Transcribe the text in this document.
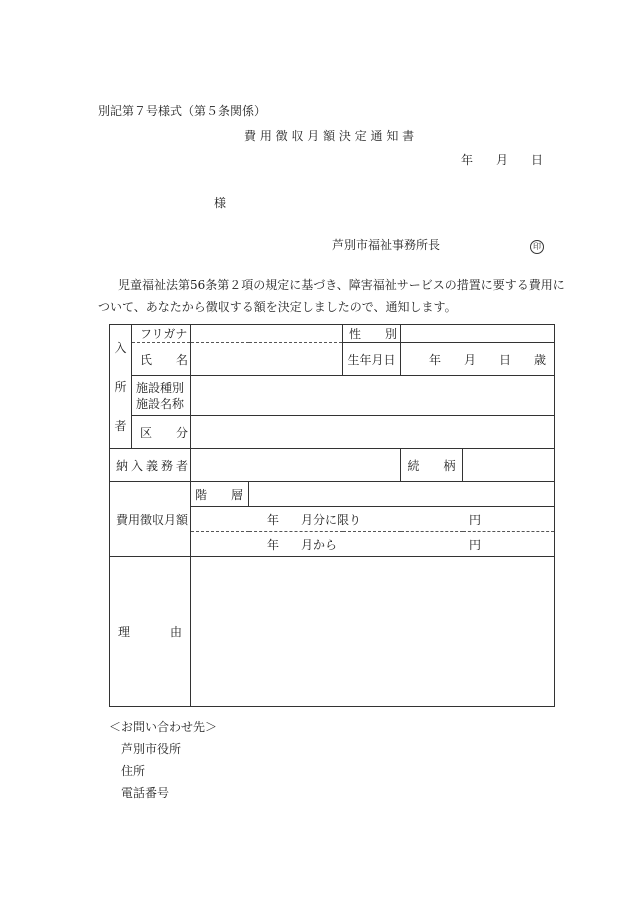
別記第７号様式（第５条関係）
費 用 徴 収 月 額 決 定 通 知 書
年 月 日
様
芦別市福祉事務所長	印
児童福祉法第56条第２項の規定に基づき、障害福祉サービスの措置に要する費用について、あなたから徴収する額を決定しましたので、通知します。
入
所
者	フリガナ			性　　別		
	氏　　名			生年月日	年 月 日 歳	

	施設種別
施設名称					

	区　　分					
納入義務者					続　　柄	
費用徴収月額		階　　層				
		年 月分に限り 円				
		年 月から 円				

理 由						

＜お問い合わせ先＞
芦別市役所
住所
電話番号
